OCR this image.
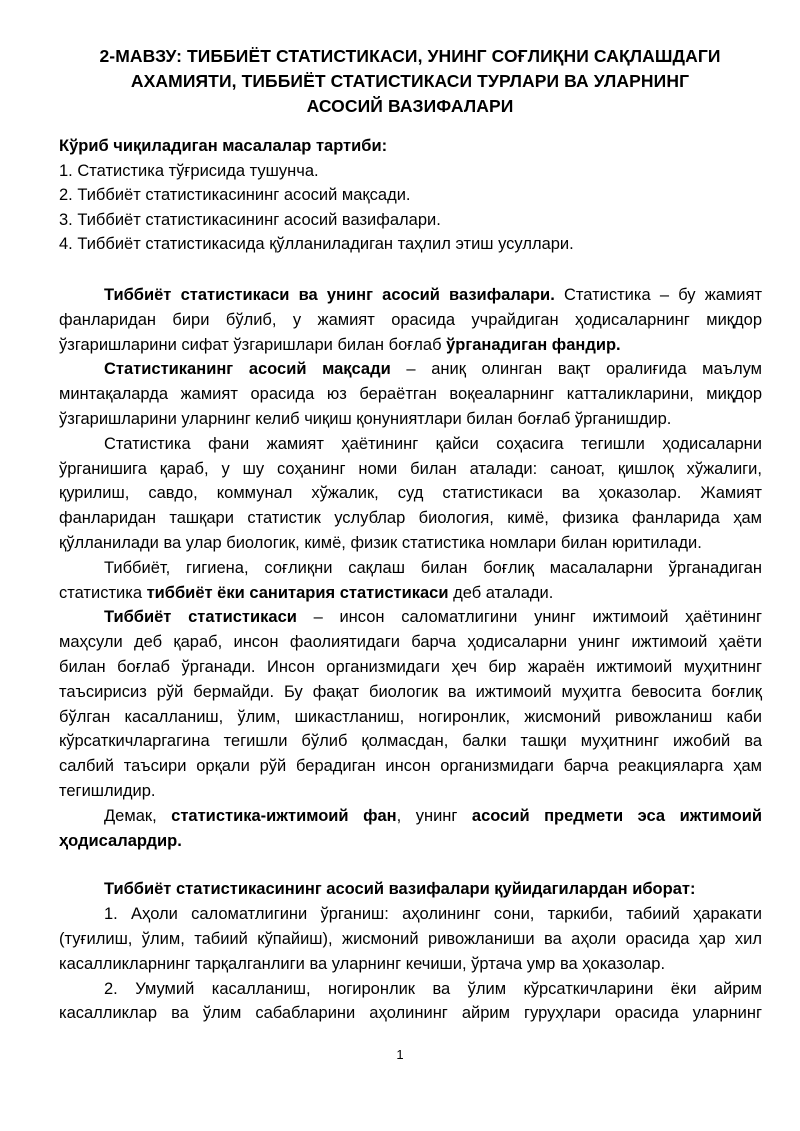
2-МАВЗУ: ТИББИЁТ СТАТИСТИКАСИ, УНИНГ СОҒЛИҚНИ САҚЛАШДАГИ
АХАМИЯТИ, ТИББИЁТ СТАТИСТИКАСИ ТУРЛАРИ ВА УЛАРНИНГ
АСОСИЙ ВАЗИФАЛАРИ
Кўриб чиқиладиган масалалар тартиби:
1. Статистика тўғрисида тушунча.
2. Тиббиёт статистикасининг асосий мақсади.
3. Тиббиёт статистикасининг асосий вазифалари.
4. Тиббиёт статистикасида қўлланиладиган таҳлил этиш усуллари.
Тиббиёт статистикаси ва унинг асосий вазифалари. Статистика – бу жамият
фанларидан бири бўлиб, у жамият орасида учрайдиган ҳодисаларнинг миқдор
ўзгаришларини сифат ўзгаришлари билан боғлаб ўрганадиган фандир.
Статистиканинг асосий мақсади – аниқ олинган вақт оралиғида маълум
минтақаларда жамият орасида юз бераётган воқеаларнинг катталикларини, миқдор
ўзгаришларини уларнинг келиб чиқиш қонуниятлари билан боғлаб ўрганишдир.
Статистика фани жамият ҳаётининг қайси соҳасига тегишли ҳодисаларни
ўрганишига қараб, у шу соҳанинг номи билан аталади: саноат, қишлоқ хўжалиги,
қурилиш, савдо, коммунал хўжалик, суд статистикаси ва ҳоказолар. Жамият
фанларидан ташқари статистик услублар биология, кимё, физика фанларида ҳам
қўлланилади ва улар биологик, кимё, физик статистика номлари билан юритилади.
Тиббиёт, гигиена, соғлиқни сақлаш билан боғлиқ масалаларни ўрганадиган
статистика тиббиёт ёки санитария статистикаси деб аталади.
Тиббиёт статистикаси – инсон саломатлигини унинг ижтимоий ҳаётининг
маҳсули деб қараб, инсон фаолиятидаги барча ҳодисаларни унинг ижтимоий ҳаёти
билан боғлаб ўрганади. Инсон организмидаги ҳеч бир жараён ижтимоий муҳитнинг
таъсирисиз рўй бермайди. Бу фақат биологик ва ижтимоий муҳитга бевосита боғлиқ
бўлган касалланиш, ўлим, шикастланиш, ногиронлик, жисмоний ривожланиш каби
кўрсаткичларгагина тегишли бўлиб қолмасдан, балки ташқи муҳитнинг ижобий ва
салбий таъсири орқали рўй берадиган инсон организмидаги барча реакцияларга ҳам
тегишлидир.
Демак, статистика-ижтимоий фан, унинг асосий предмети эса ижтимоий
ҳодисалардир.
Тиббиёт статистикасининг асосий вазифалари қуйидагилардан иборат:
1. Аҳоли саломатлигини ўрганиш: аҳолининг сони, таркиби, табиий ҳаракати
(туғилиш, ўлим, табиий кўпайиш), жисмоний ривожланиши ва аҳоли орасида ҳар хил
касалликларнинг тарқалганлиги ва уларнинг кечиши, ўртача умр ва ҳоказолар.
2. Умумий касалланиш, ногиронлик ва ўлим кўрсаткичларини ёки айрим
касалликлар ва ўлим сабабларини аҳолининг айрим гуруҳлари орасида уларнинг
1
